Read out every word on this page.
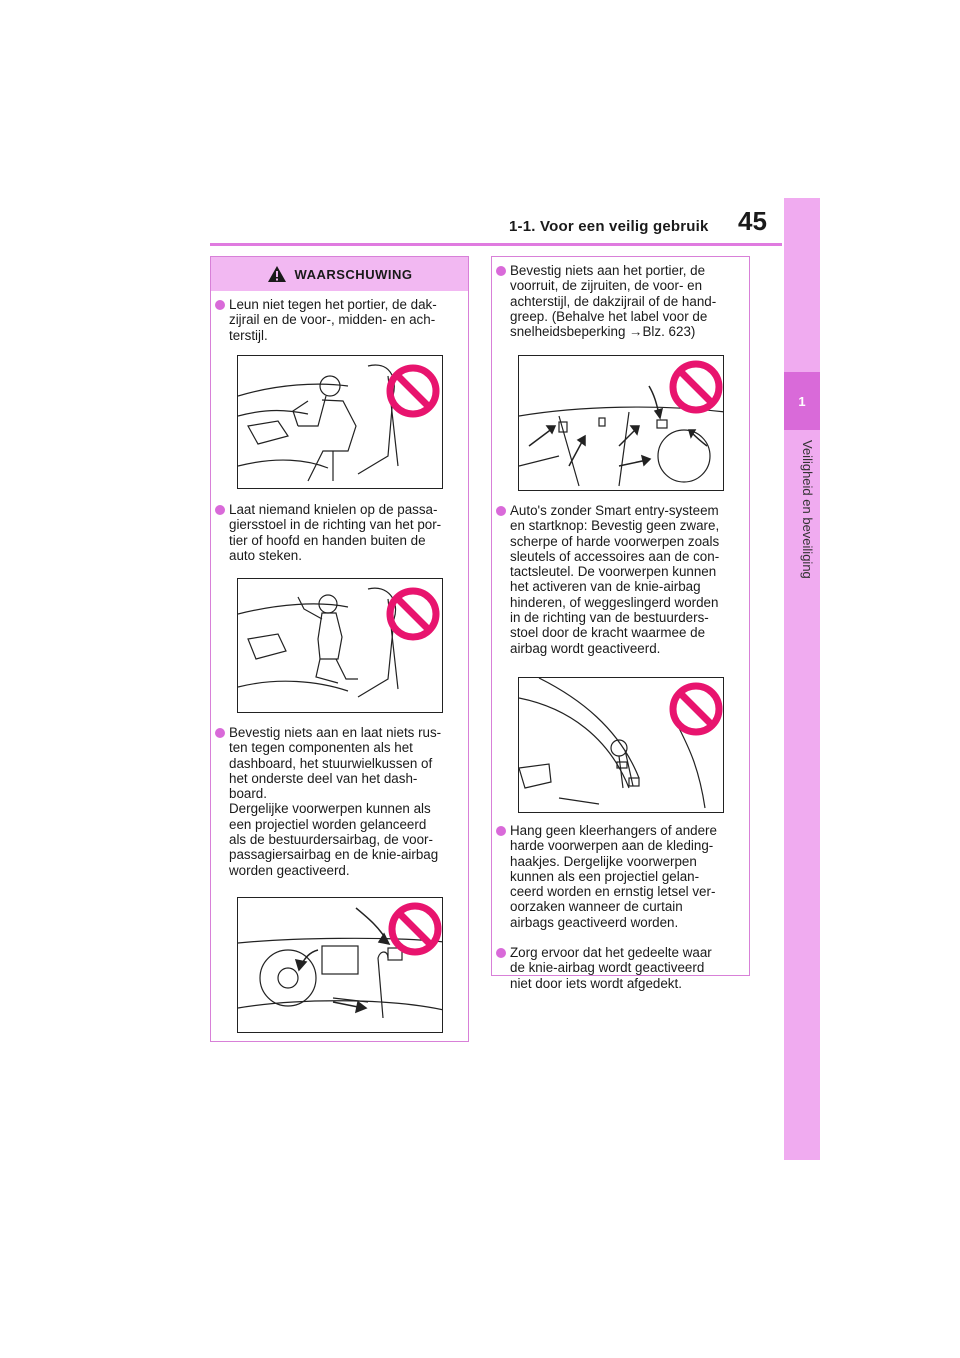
1-1. Voor een veilig gebruik 45
1
Veiligheid en beveiliging
WAARSCHUWING
Leun niet tegen het portier, de dak-
zijrail en de voor-, midden- en ach-
terstijl.
Laat niemand knielen op de passa-
giersstoel in de richting van het por-
tier of hoofd en handen buiten de
auto steken.
Bevestig niets aan en laat niets rus-
ten tegen componenten als het
dashboard, het stuurwielkussen of
het onderste deel van het dash-
board.
Dergelijke voorwerpen kunnen als
een projectiel worden gelanceerd
als de bestuurdersairbag, de voor-
passagiersairbag en de knie-airbag
worden geactiveerd.
Bevestig niets aan het portier, de
voorruit, de zijruiten, de voor- en
achterstijl, de dakzijrail of de hand-
greep. (Behalve het label voor de
snelheidsbeperking →Blz. 623)
Auto's zonder Smart entry-systeem
en startknop: Bevestig geen zware,
scherpe of harde voorwerpen zoals
sleutels of accessoires aan de con-
tactsleutel. De voorwerpen kunnen
het activeren van de knie-airbag
hinderen, of weggeslingerd worden
in de richting van de bestuurders-
stoel door de kracht waarmee de
airbag wordt geactiveerd.
Hang geen kleerhangers of andere
harde voorwerpen aan de kleding-
haakjes. Dergelijke voorwerpen
kunnen als een projectiel gelan-
ceerd worden en ernstig letsel ver-
oorzaken wanneer de curtain
airbags geactiveerd worden.
Zorg ervoor dat het gedeelte waar
de knie-airbag wordt geactiveerd
niet door iets wordt afgedekt.
